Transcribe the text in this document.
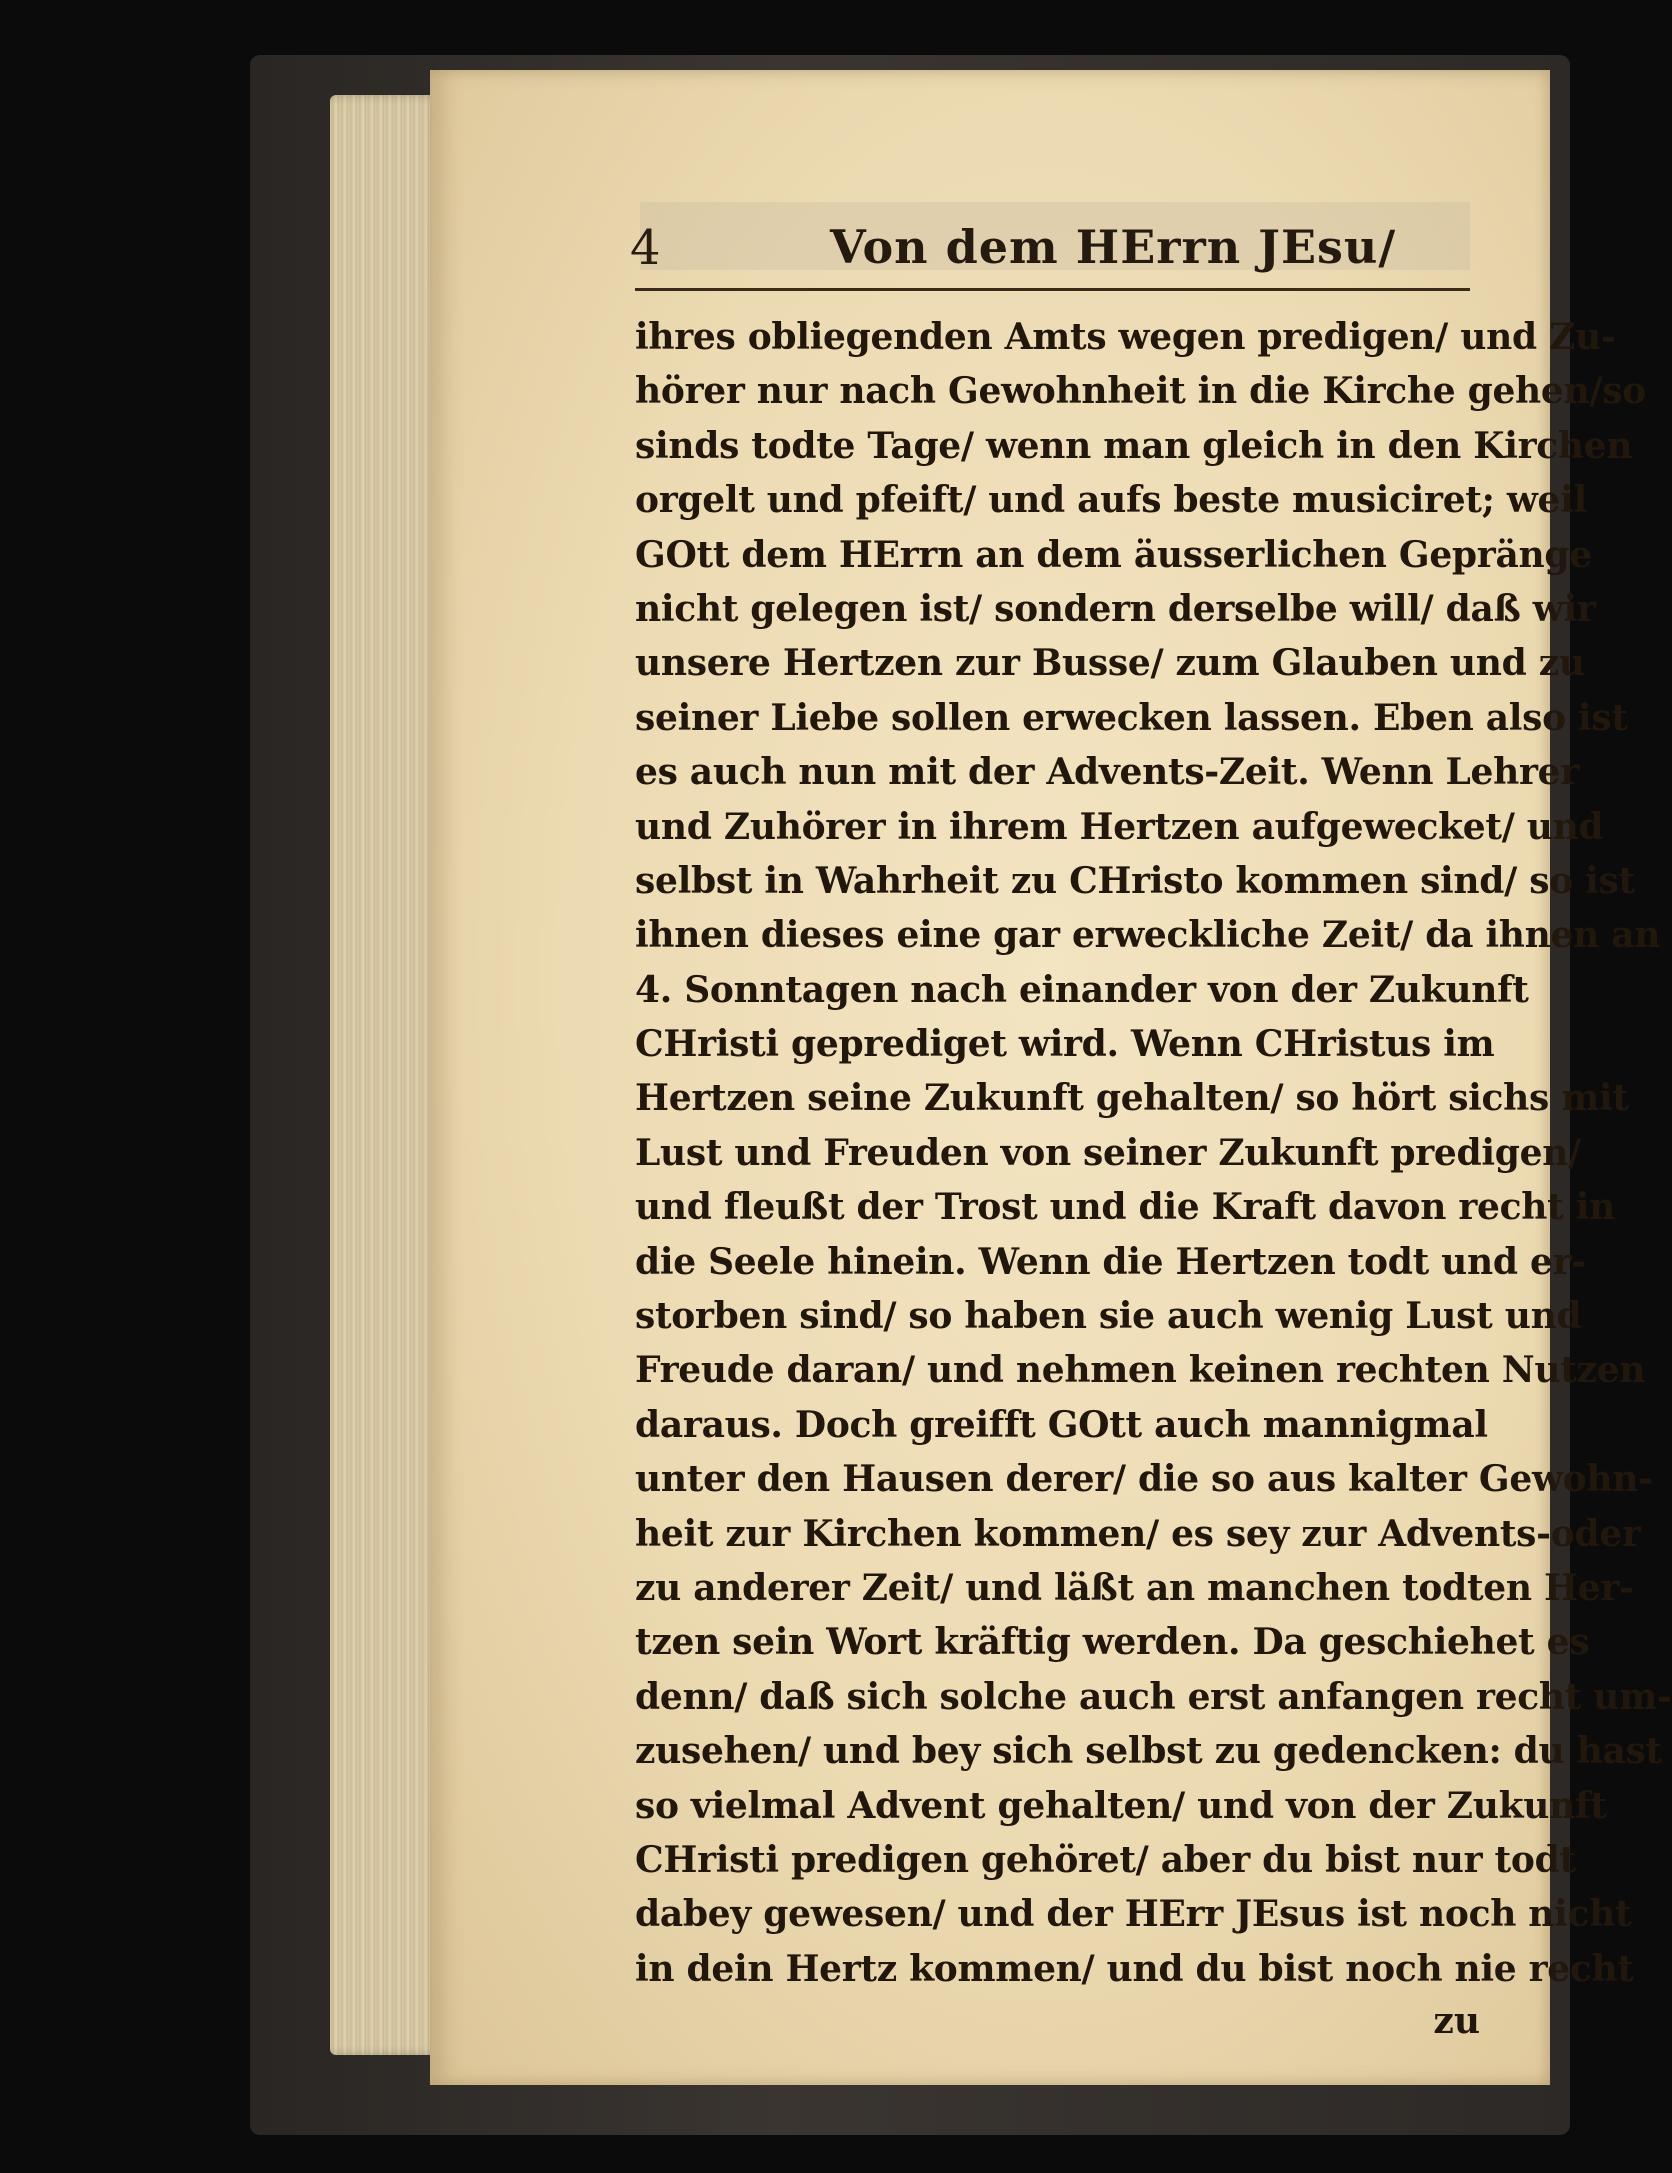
4	Von dem HErrn JEsu/
ihres obliegenden Amts wegen predigen/ und Zu-
hörer nur nach Gewohnheit in die Kirche gehen/so
sinds todte Tage/ wenn man gleich in den Kirchen
orgelt und pfeift/ und aufs beste musiciret; weil
GOtt dem HErrn an dem äusserlichen Gepränge
nicht gelegen ist/ sondern derselbe will/ daß wir
unsere Hertzen zur Busse/ zum Glauben und zu
seiner Liebe sollen erwecken lassen. Eben also ist
es auch nun mit der Advents-Zeit. Wenn Lehrer
und Zuhörer in ihrem Hertzen aufgewecket/ und
selbst in Wahrheit zu CHristo kommen sind/ so ist
ihnen dieses eine gar erweckliche Zeit/ da ihnen an
4. Sonntagen nach einander von der Zukunft
CHristi geprediget wird. Wenn CHristus im
Hertzen seine Zukunft gehalten/ so hört sichs mit
Lust und Freuden von seiner Zukunft predigen/
und fleußt der Trost und die Kraft davon recht in
die Seele hinein. Wenn die Hertzen todt und er-
storben sind/ so haben sie auch wenig Lust und
Freude daran/ und nehmen keinen rechten Nutzen
daraus. Doch greifft GOtt auch mannigmal
unter den Hausen derer/ die so aus kalter Gewohn-
heit zur Kirchen kommen/ es sey zur Advents-oder
zu anderer Zeit/ und läßt an manchen todten Her-
tzen sein Wort kräftig werden. Da geschiehet es
denn/ daß sich solche auch erst anfangen recht um-
zusehen/ und bey sich selbst zu gedencken: du hast
so vielmal Advent gehalten/ und von der Zukunft
CHristi predigen gehöret/ aber du bist nur todt
dabey gewesen/ und der HErr JEsus ist noch nicht
in dein Hertz kommen/ und du bist noch nie recht
zu
